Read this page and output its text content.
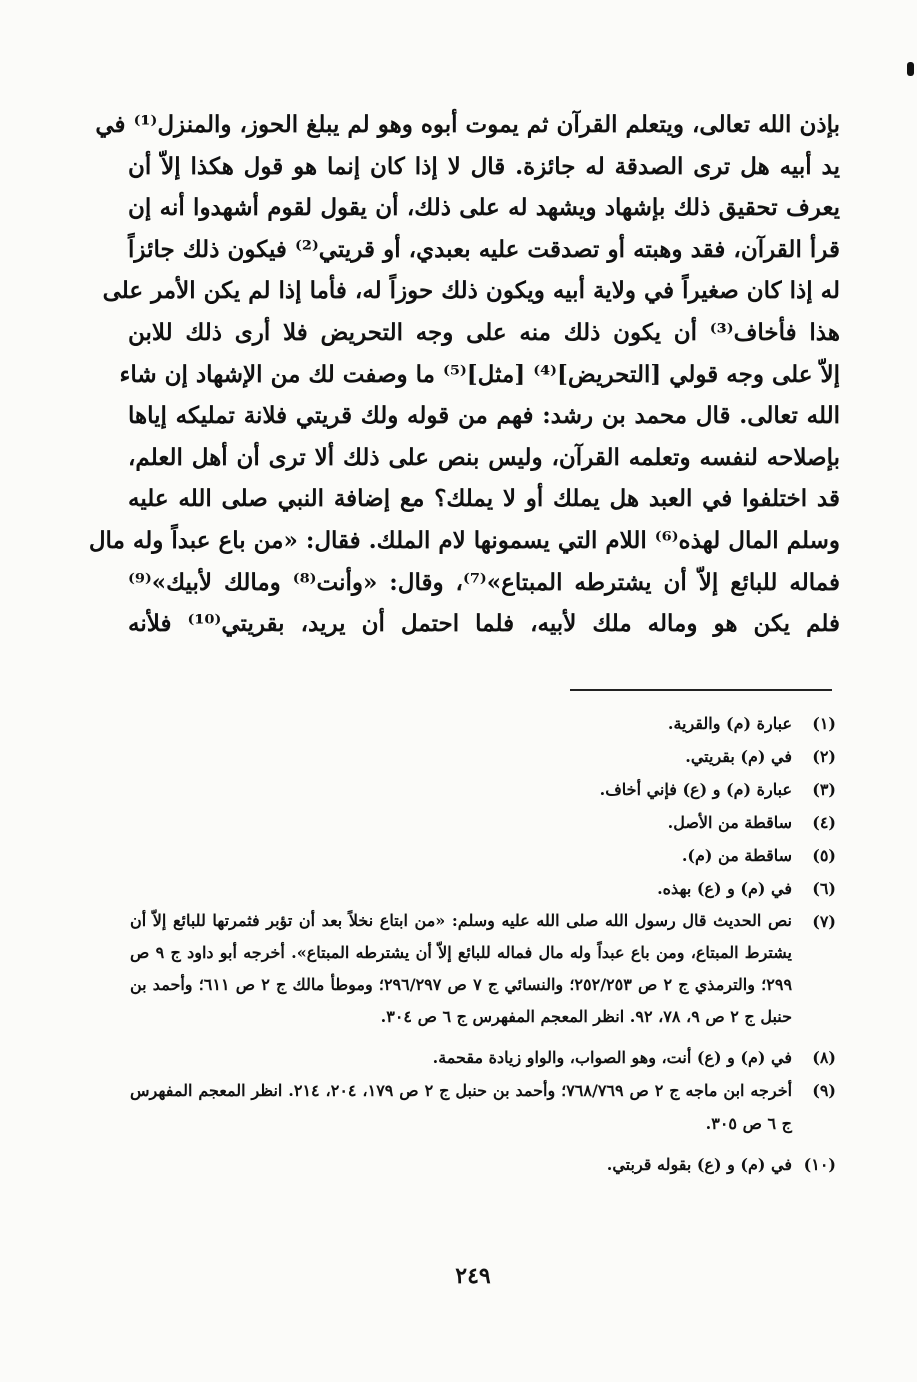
بإذن الله تعالى، ويتعلم القرآن ثم يموت أبوه وهو لم يبلغ الحوز، والمنزل⁽¹⁾ في
يد أبيه هل ترى الصدقة له جائزة. قال لا إذا كان إنما هو قول هكذا إلاّ أن
يعرف تحقيق ذلك بإشهاد ويشهد له على ذلك، أن يقول لقوم أشهدوا أنه إن
قرأ القرآن، فقد وهبته أو تصدقت عليه بعبدي، أو قريتي⁽²⁾ فيكون ذلك جائزاً
له إذا كان صغيراً في ولاية أبيه ويكون ذلك حوزاً له، فأما إذا لم يكن الأمر على
هذا فأخاف⁽³⁾ أن يكون ذلك منه على وجه التحريض فلا أرى ذلك للابن
إلاّ على وجه قولي [التحريض]⁽⁴⁾ [مثل]⁽⁵⁾ ما وصفت لك من الإشهاد إن شاء
الله تعالى. قال محمد بن رشد: فهم من قوله ولك قريتي فلانة تمليكه إياها
بإصلاحه لنفسه وتعلمه القرآن، وليس بنص على ذلك ألا ترى أن أهل العلم،
قد اختلفوا في العبد هل يملك أو لا يملك؟ مع إضافة النبي صلى الله عليه
وسلم المال لهذه⁽⁶⁾ اللام التي يسمونها لام الملك. فقال: «من باع عبداً وله مال
فماله للبائع إلاّ أن يشترطه المبتاع»⁽⁷⁾، وقال: «وأنت⁽⁸⁾ ومالك لأبيك»⁽⁹⁾
فلم يكن هو وماله ملك لأبيه، فلما احتمل أن يريد، بقريتي⁽¹⁰⁾ فلأنه
(١)
عبارة (م) والقرية.
(٢)
في (م) بقريتي.
(٣)
عبارة (م) و (ع) فإني أخاف.
(٤)
ساقطة من الأصل.
(٥)
ساقطة من (م).
(٦)
في (م) و (ع) بهذه.
(٧)
نص الحديث قال رسول الله صلى الله عليه وسلم: «من ابتاع نخلاً بعد أن تؤبر فثمرتها للبائع إلاّ أن يشترط المبتاع، ومن باع عبداً وله مال فماله للبائع إلاّ أن يشترطه المبتاع». أخرجه أبو داود ج ٩ ص ٢٩٩؛ والترمذي ج ٢ ص ٢٥٢/٢٥٣؛ والنسائي ج ٧ ص ٢٩٦/٢٩٧؛ وموطأ مالك ج ٢ ص ٦١١؛ وأحمد بن حنبل ج ٢ ص ٩، ٧٨، ٩٢. انظر المعجم المفهرس ج ٦ ص ٣٠٤.
(٨)
في (م) و (ع) أنت، وهو الصواب، والواو زيادة مقحمة.
(٩)
أخرجه ابن ماجه ج ٢ ص ٧٦٨/٧٦٩؛ وأحمد بن حنبل ج ٢ ص ١٧٩، ٢٠٤، ٢١٤. انظر المعجم المفهرس ج ٦ ص ٣٠٥.
(١٠)
في (م) و (ع) بقوله قربتي.
٢٤٩
